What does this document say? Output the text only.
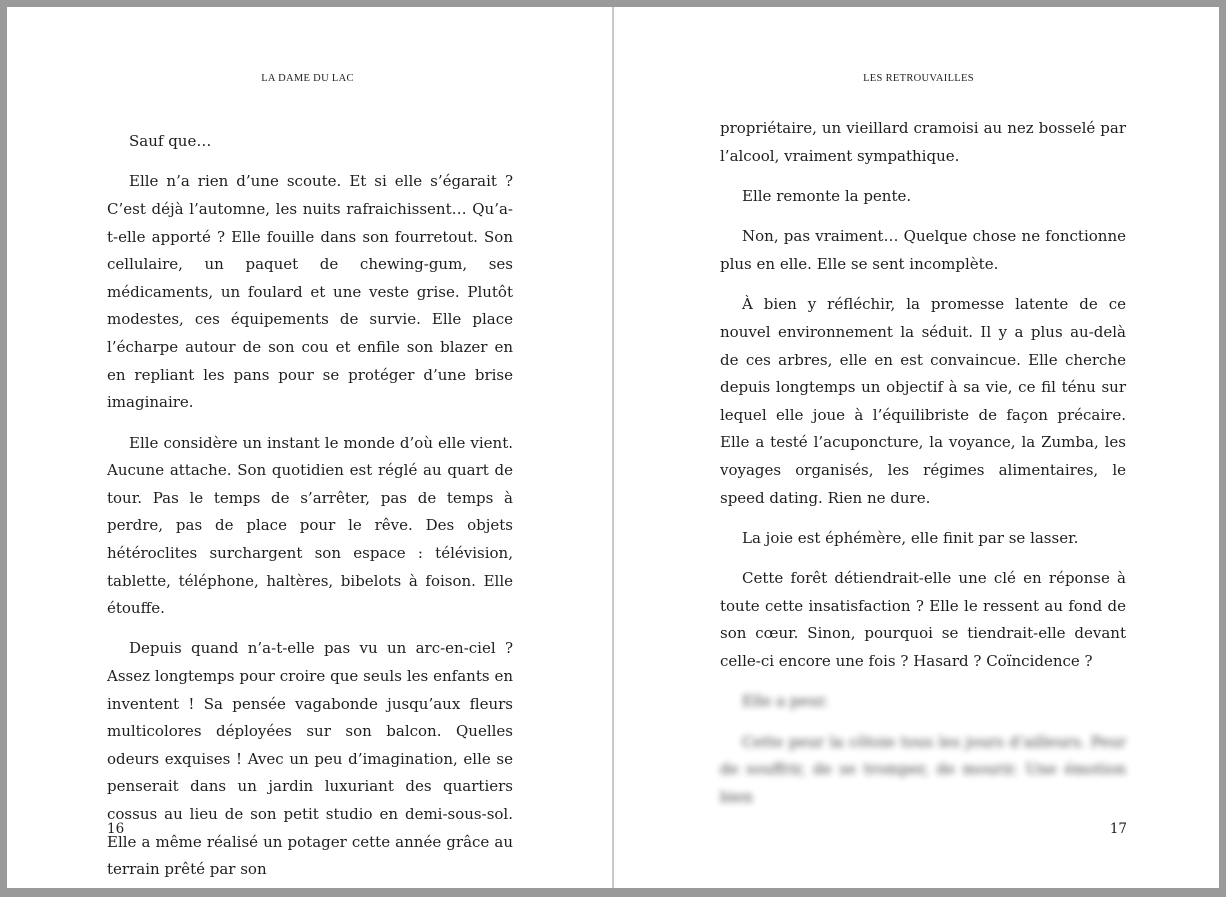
LA DAME DU LAC

Sauf que…

Elle n’a rien d’une scoute. Et si elle s’égarait ? C’est déjà l’automne, les nuits rafraichissent… Qu’a-t-elle apporté ? Elle fouille dans son fourretout. Son cellulaire, un paquet de chewing-gum, ses médicaments, un foulard et une veste grise. Plutôt modestes, ces équipements de survie. Elle place l’écharpe autour de son cou et enfile son blazer en en repliant les pans pour se protéger d’une brise imaginaire.

Elle considère un instant le monde d’où elle vient. Aucune attache. Son quotidien est réglé au quart de tour. Pas le temps de s’arrêter, pas de temps à perdre, pas de place pour le rêve. Des objets hétéroclites surchargent son espace : télévision, tablette, téléphone, haltères, bibelots à foison. Elle étouffe.

Depuis quand n’a-t-elle pas vu un arc-en-ciel ? Assez longtemps pour croire que seuls les enfants en inventent ! Sa pensée vagabonde jusqu’aux fleurs multicolores déployées sur son balcon. Quelles odeurs exquises ! Avec un peu d’imagination, elle se penserait dans un jardin luxuriant des quartiers cossus au lieu de son petit studio en demi-sous-sol. Elle a même réalisé un potager cette année grâce au terrain prêté par son

16
LES RETROUVAILLES

propriétaire, un vieillard cramoisi au nez bosselé par l’alcool, vraiment sympathique.

Elle remonte la pente.

Non, pas vraiment… Quelque chose ne fonctionne plus en elle. Elle se sent incomplète.

À bien y réfléchir, la promesse latente de ce nouvel environnement la séduit. Il y a plus au-delà de ces arbres, elle en est convaincue. Elle cherche depuis longtemps un objectif à sa vie, ce fil ténu sur lequel elle joue à l’équilibriste de façon précaire. Elle a testé l’acuponcture, la voyance, la Zumba, les voyages organisés, les régimes alimentaires, le speed dating. Rien ne dure.

La joie est éphémère, elle finit par se lasser.

Cette forêt détiendrait-elle une clé en réponse à toute cette insatisfaction ? Elle le ressent au fond de son cœur. Sinon, pourquoi se tiendrait-elle devant celle-ci encore une fois ? Hasard ? Coïncidence ?

Elle a peur.

Cette peur la côtoie tous les jours d’ailleurs. Peur de souffrir, de se tromper, de mourir. Une émotion bien

17
